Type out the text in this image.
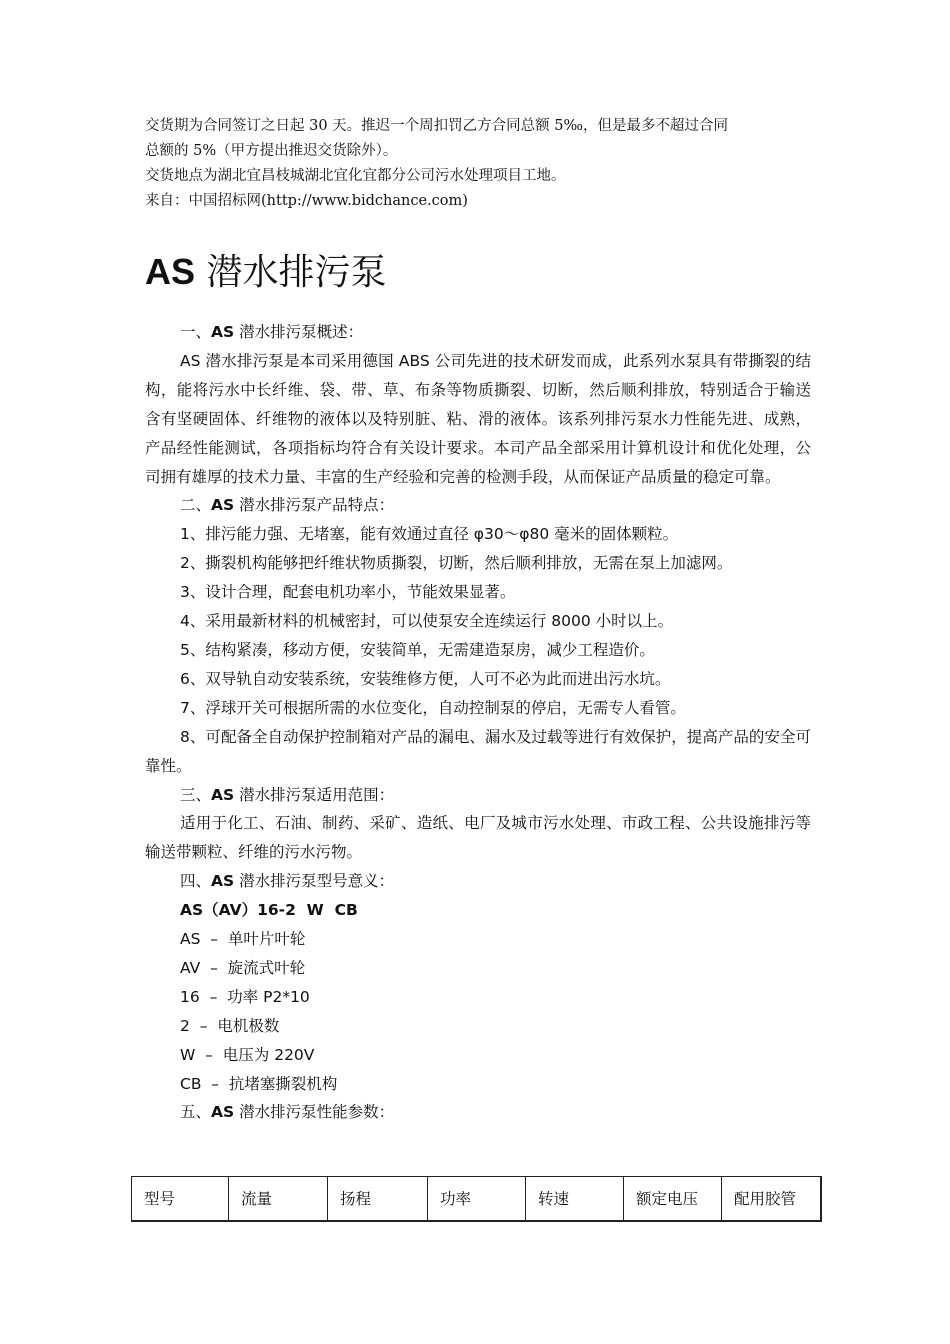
交货期为合同签订之日起 30 天。推迟一个周扣罚乙方合同总额 5‰，但是最多不超过合同
总额的 5%（甲方提出推迟交货除外）。
交货地点为湖北宜昌枝城湖北宜化宜都分公司污水处理项目工地。
来自：中国招标网(http://www.bidchance.com)
AS 潜水排污泵

一、AS 潜水排污泵概述：

AS 潜水排污泵是本司采用德国 ABS 公司先进的技术研发而成，此系列水泵具有带撕裂的结构，能将污水中长纤维、袋、带、草、布条等物质撕裂、切断，然后顺利排放，特别适合于输送含有坚硬固体、纤维物的液体以及特别脏、粘、滑的液体。该系列排污泵水力性能先进、成熟，产品经性能测试，各项指标均符合有关设计要求。本司产品全部采用计算机设计和优化处理，公司拥有雄厚的技术力量、丰富的生产经验和完善的检测手段，从而保证产品质量的稳定可靠。

二、AS 潜水排污泵产品特点：

1、排污能力强、无堵塞，能有效通过直径 φ30～φ80 毫米的固体颗粒。

2、撕裂机构能够把纤维状物质撕裂，切断，然后顺利排放，无需在泵上加滤网。

3、设计合理，配套电机功率小，节能效果显著。

4、采用最新材料的机械密封，可以使泵安全连续运行 8000 小时以上。

5、结构紧凑，移动方便，安装简单，无需建造泵房，减少工程造价。

6、双导轨自动安装系统，安装维修方便，人可不必为此而进出污水坑。

7、浮球开关可根据所需的水位变化，自动控制泵的停启，无需专人看管。

8、可配备全自动保护控制箱对产品的漏电、漏水及过载等进行有效保护，提高产品的安全可靠性。

三、AS 潜水排污泵适用范围：

适用于化工、石油、制药、采矿、造纸、电厂及城市污水处理、市政工程、公共设施排污等输送带颗粒、纤维的污水污物。

四、AS 潜水排污泵型号意义：

AS（AV）16-2  W  CB

AS  –  单叶片叶轮

AV  –  旋流式叶轮

16  –  功率 P2*10

2  –  电机极数

W  –  电压为 220V

CB  –  抗堵塞撕裂机构

五、AS 潜水排污泵性能参数：

型号	流量	扬程	功率	转速	额定电压	配用胶管
